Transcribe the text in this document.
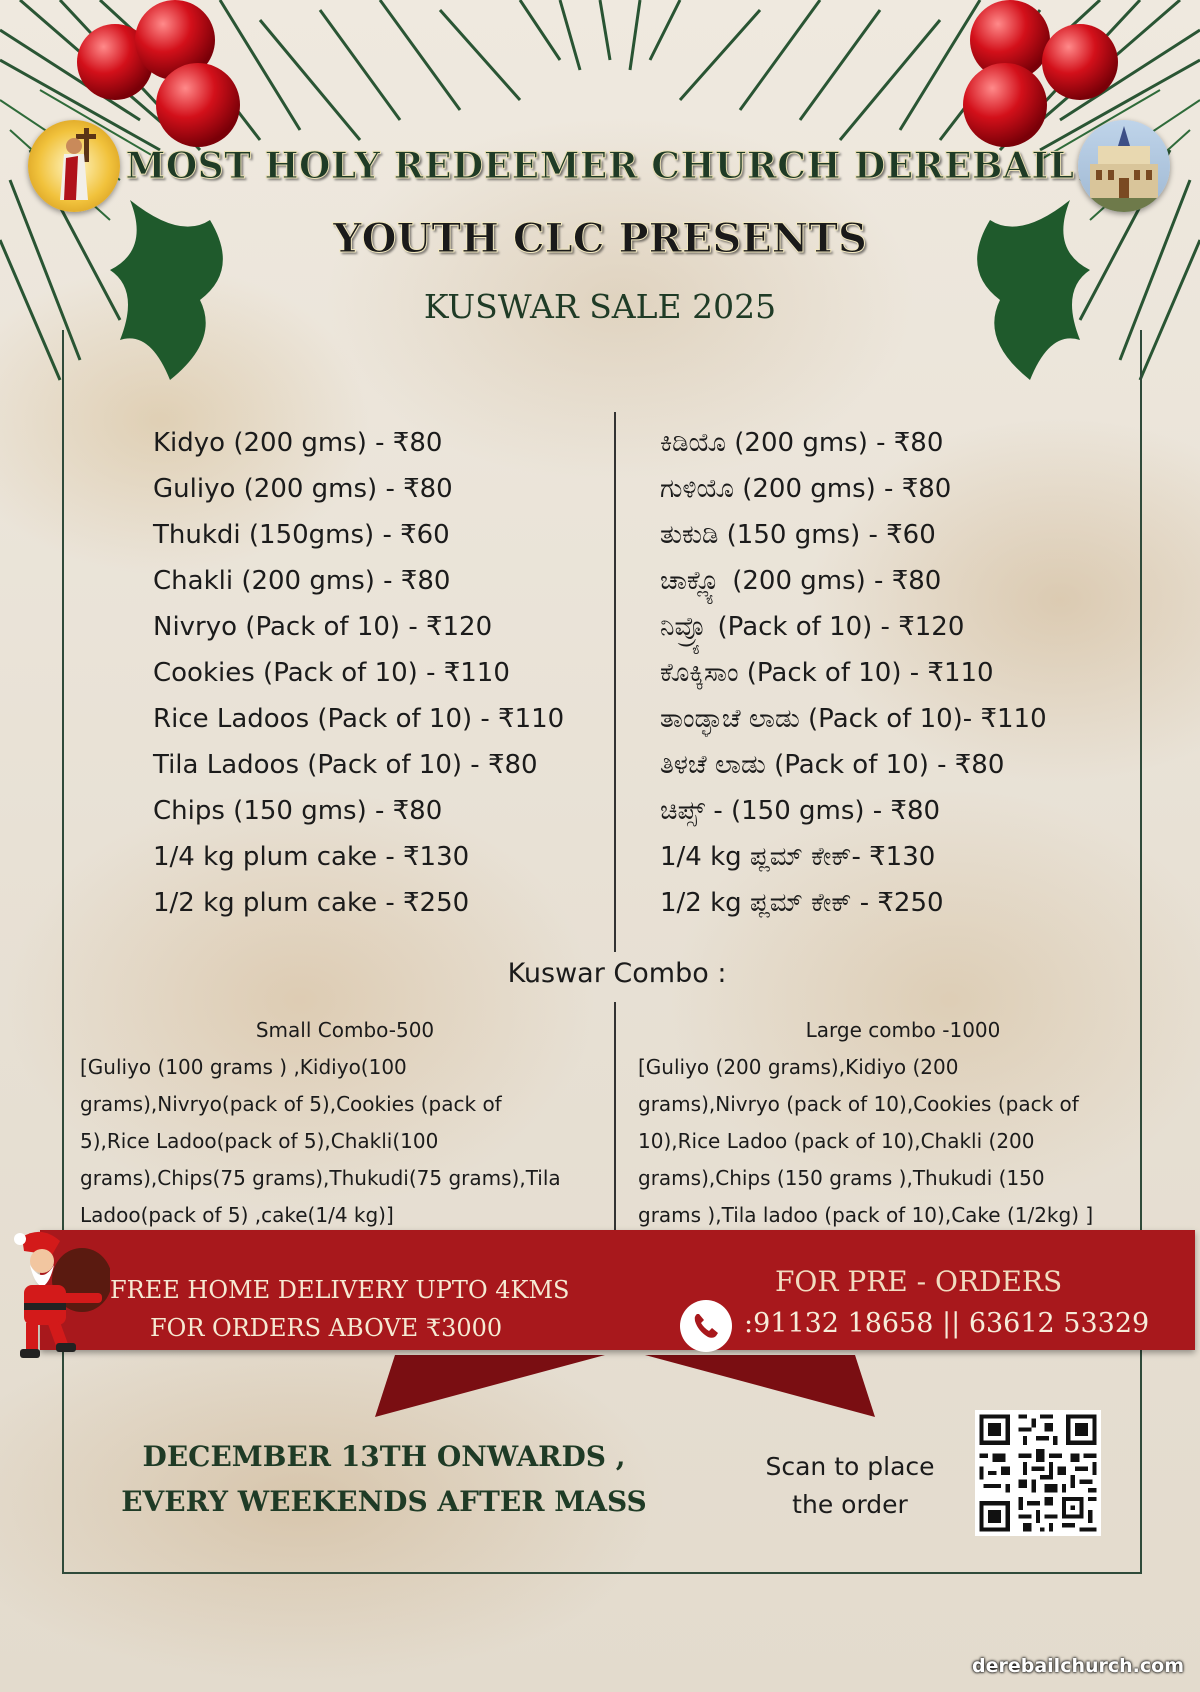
MOST HOLY REDEEMER CHURCH DEREBAIL
YOUTH CLC PRESENTS
KUSWAR SALE 2025
Kidyo (200 gms) - ₹80
Guliyo (200 gms) - ₹80
Thukdi (150gms) - ₹60
Chakli (200 gms) - ₹80
Nivryo (Pack of 10) - ₹120
Cookies (Pack of 10) - ₹110
Rice Ladoos (Pack of 10) - ₹110
Tila Ladoos (Pack of 10) - ₹80
Chips (150 gms) - ₹80
1/4 kg plum cake - ₹130
1/2 kg plum cake - ₹250
ಕಿಡಿಯೊ (200 gms) - ₹80
ಗುಳಿಯೊ (200 gms) - ₹80
ತುಕುಡಿ (150 gms) - ₹60
ಚಾಕ್ಲ್ಯೊ (200 gms) - ₹80
ನಿವ್ರ್ಯೊ (Pack of 10) - ₹120
ಕೊಕ್ಕಿಸಾಂ (Pack of 10) - ₹110
ತಾಂಡ್ಳಾಚೆ ಲಾಡು (Pack of 10)- ₹110
ತಿಳಚೆ ಲಾಡು (Pack of 10) - ₹80
ಚಿಪ್ಸ್ - (150 gms) - ₹80
1/4 kg ಪ್ಲಮ್ ಕೇಕ್- ₹130
1/2 kg ಪ್ಲಮ್ ಕೇಕ್ - ₹250
Kuswar Combo :
Small Combo-500
[Guliyo (100 grams ) ,Kidiyo(100
grams),Nivryo(pack of 5),Cookies (pack of
5),Rice Ladoo(pack of 5),Chakli(100
grams),Chips(75 grams),Thukudi(75 grams),Tila
Ladoo(pack of 5) ,cake(1/4 kg)]
Large combo -1000
[Guliyo (200 grams),Kidiyo (200
grams),Nivryo (pack of 10),Cookies (pack of
10),Rice Ladoo (pack of 10),Chakli (200
grams),Chips (150 grams ),Thukudi (150
grams ),Tila ladoo (pack of 10),Cake (1/2kg) ]
FREE HOME DELIVERY UPTO 4KMS
FOR ORDERS ABOVE ₹3000
FOR PRE - ORDERS
:91132 18658 || 63612 53329
DECEMBER 13TH ONWARDS ,
EVERY WEEKENDS AFTER MASS
Scan to place
the order
derebailchurch.com
